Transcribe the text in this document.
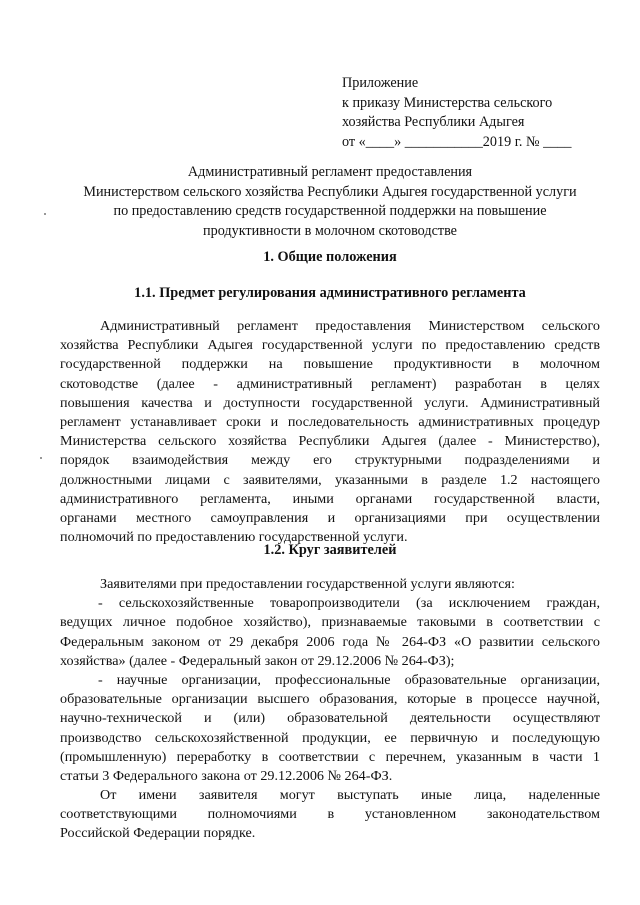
Приложение
к приказу Министерства сельского
хозяйства Республики Адыгея
от «____» ___________2019 г. № ____
Административный регламент предоставления
Министерством сельского хозяйства Республики Адыгея государственной услуги
по предоставлению средств государственной поддержки на повышение
продуктивности в молочном скотоводстве
1. Общие положения
1.1. Предмет регулирования административного регламента
Административный регламент предоставления Министерством сельского
хозяйства Республики Адыгея государственной услуги по предоставлению средств
государственной поддержки на повышение продуктивности в молочном
скотоводстве (далее - административный регламент) разработан в целях
повышения качества и доступности государственной услуги. Административный
регламент устанавливает сроки и последовательность административных процедур
Министерства сельского хозяйства Республики Адыгея (далее - Министерство),
порядок взаимодействия между его структурными подразделениями и
должностными лицами с заявителями, указанными в разделе 1.2 настоящего
административного регламента, иными органами государственной власти,
органами местного самоуправления и организациями при осуществлении
полномочий по предоставлению государственной услуги.
1.2. Круг заявителей
Заявителями при предоставлении государственной услуги являются:
- сельскохозяйственные товаропроизводители (за исключением граждан,
ведущих личное подобное хозяйство), признаваемые таковыми в соответствии с
Федеральным законом от 29 декабря 2006 года № 264-ФЗ «О развитии сельского
хозяйства» (далее - Федеральный закон от 29.12.2006 № 264-ФЗ);
- научные организации, профессиональные образовательные организации,
образовательные организации высшего образования, которые в процессе научной,
научно-технической и (или) образовательной деятельности осуществляют
производство сельскохозяйственной продукции, ее первичную и последующую
(промышленную) переработку в соответствии с перечнем, указанным в части 1
статьи 3 Федерального закона от 29.12.2006 № 264-ФЗ.
От имени заявителя могут выступать иные лица, наделенные
соответствующими полномочиями в установленном законодательством
Российской Федерации порядке.
